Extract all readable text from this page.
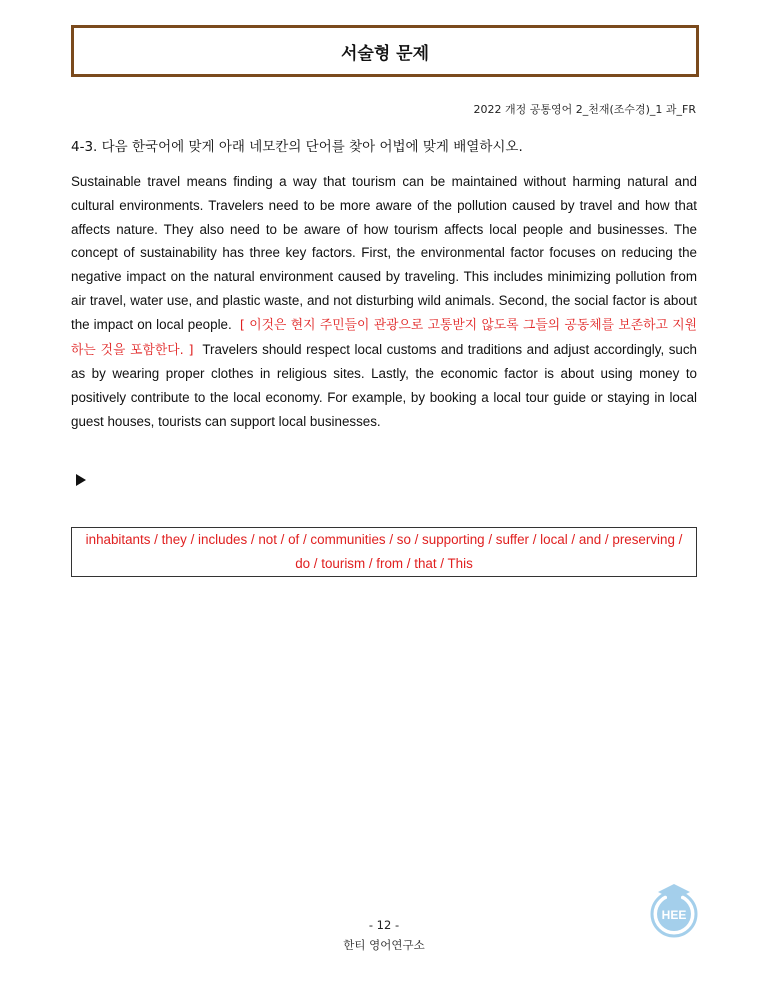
서술형 문제
2022 개정 공통영어 2_천재(조수경)_1 과_FR
4-3. 다음 한국어에 맞게 아래 네모칸의 단어를 찾아 어법에 맞게 배열하시오.
Sustainable travel means finding a way that tourism can be maintained without harming natural and cultural environments. Travelers need to be more aware of the pollution caused by travel and how that affects nature. They also need to be aware of how tourism affects local people and businesses. The concept of sustainability has three key factors. First, the environmental factor focuses on reducing the negative impact on the natural environment caused by traveling. This includes minimizing pollution from air travel, water use, and plastic waste, and not disturbing wild animals. Second, the social factor is about the impact on local people. [ 이것은 현지 주민들이 관광으로 고통받지 않도록 그들의 공동체를 보존하고 지원하는 것을 포함한다. ] Travelers should respect local customs and traditions and adjust accordingly, such as by wearing proper clothes in religious sites. Lastly, the economic factor is about using money to positively contribute to the local economy. For example, by booking a local tour guide or staying in local guest houses, tourists can support local businesses.
inhabitants / they / includes / not / of / communities / so / supporting / suffer / local / and / preserving / do / tourism / from / that / This
- 12 -
한티 영어연구소
HEE
